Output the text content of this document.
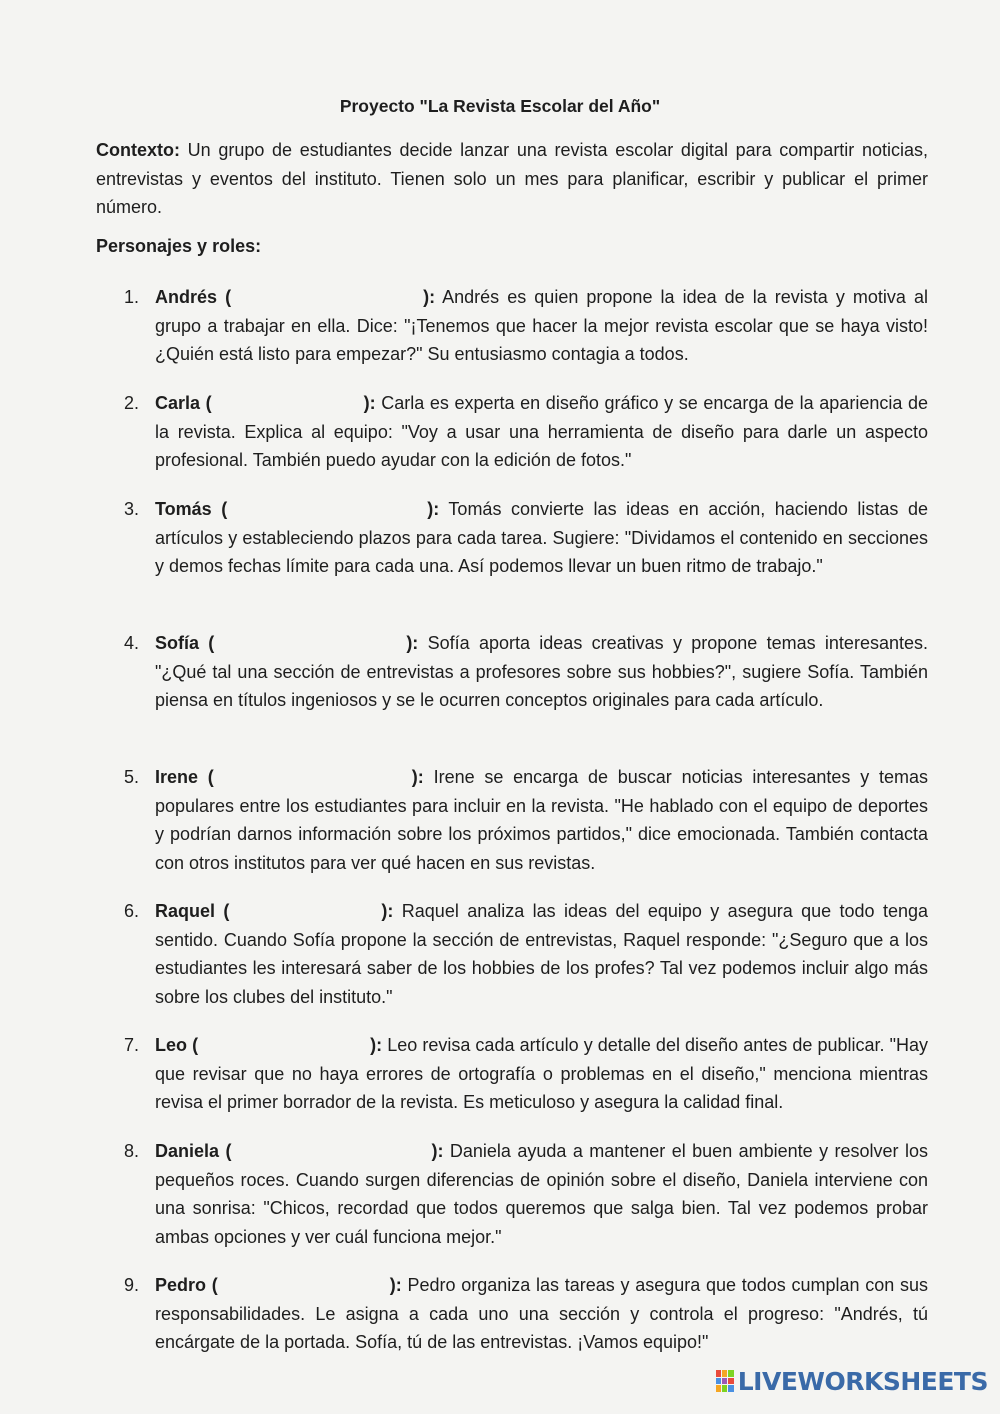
Proyecto "La Revista Escolar del Año"
Contexto: Un grupo de estudiantes decide lanzar una revista escolar digital para compartir noticias, entrevistas y eventos del instituto. Tienen solo un mes para planificar, escribir y publicar el primer número.
Personajes y roles:
1. Andrés (	): Andrés es quien propone la idea de la revista y motiva al grupo a trabajar en ella. Dice: "¡Tenemos que hacer la mejor revista escolar que se haya visto! ¿Quién está listo para empezar?" Su entusiasmo contagia a todos.
2. Carla (	): Carla es experta en diseño gráfico y se encarga de la apariencia de la revista. Explica al equipo: "Voy a usar una herramienta de diseño para darle un aspecto profesional. También puedo ayudar con la edición de fotos."
3. Tomás (	): Tomás convierte las ideas en acción, haciendo listas de artículos y estableciendo plazos para cada tarea. Sugiere: "Dividamos el contenido en secciones y demos fechas límite para cada una. Así podemos llevar un buen ritmo de trabajo."
4. Sofía (	): Sofía aporta ideas creativas y propone temas interesantes. "¿Qué tal una sección de entrevistas a profesores sobre sus hobbies?", sugiere Sofía. También piensa en títulos ingeniosos y se le ocurren conceptos originales para cada artículo.
5. Irene (	): Irene se encarga de buscar noticias interesantes y temas populares entre los estudiantes para incluir en la revista. "He hablado con el equipo de deportes y podrían darnos información sobre los próximos partidos," dice emocionada. También contacta con otros institutos para ver qué hacen en sus revistas.
6. Raquel (	): Raquel analiza las ideas del equipo y asegura que todo tenga sentido. Cuando Sofía propone la sección de entrevistas, Raquel responde: "¿Seguro que a los estudiantes les interesará saber de los hobbies de los profes? Tal vez podemos incluir algo más sobre los clubes del instituto."
7. Leo (	): Leo revisa cada artículo y detalle del diseño antes de publicar. "Hay que revisar que no haya errores de ortografía o problemas en el diseño," menciona mientras revisa el primer borrador de la revista. Es meticuloso y asegura la calidad final.
8. Daniela (	): Daniela ayuda a mantener el buen ambiente y resolver los pequeños roces. Cuando surgen diferencias de opinión sobre el diseño, Daniela interviene con una sonrisa: "Chicos, recordad que todos queremos que salga bien. Tal vez podemos probar ambas opciones y ver cuál funciona mejor."
9. Pedro (	): Pedro organiza las tareas y asegura que todos cumplan con sus responsabilidades. Le asigna a cada uno una sección y controla el progreso: "Andrés, tú encárgate de la portada. Sofía, tú de las entrevistas. ¡Vamos equipo!"
LIVEWORKSHEETS
